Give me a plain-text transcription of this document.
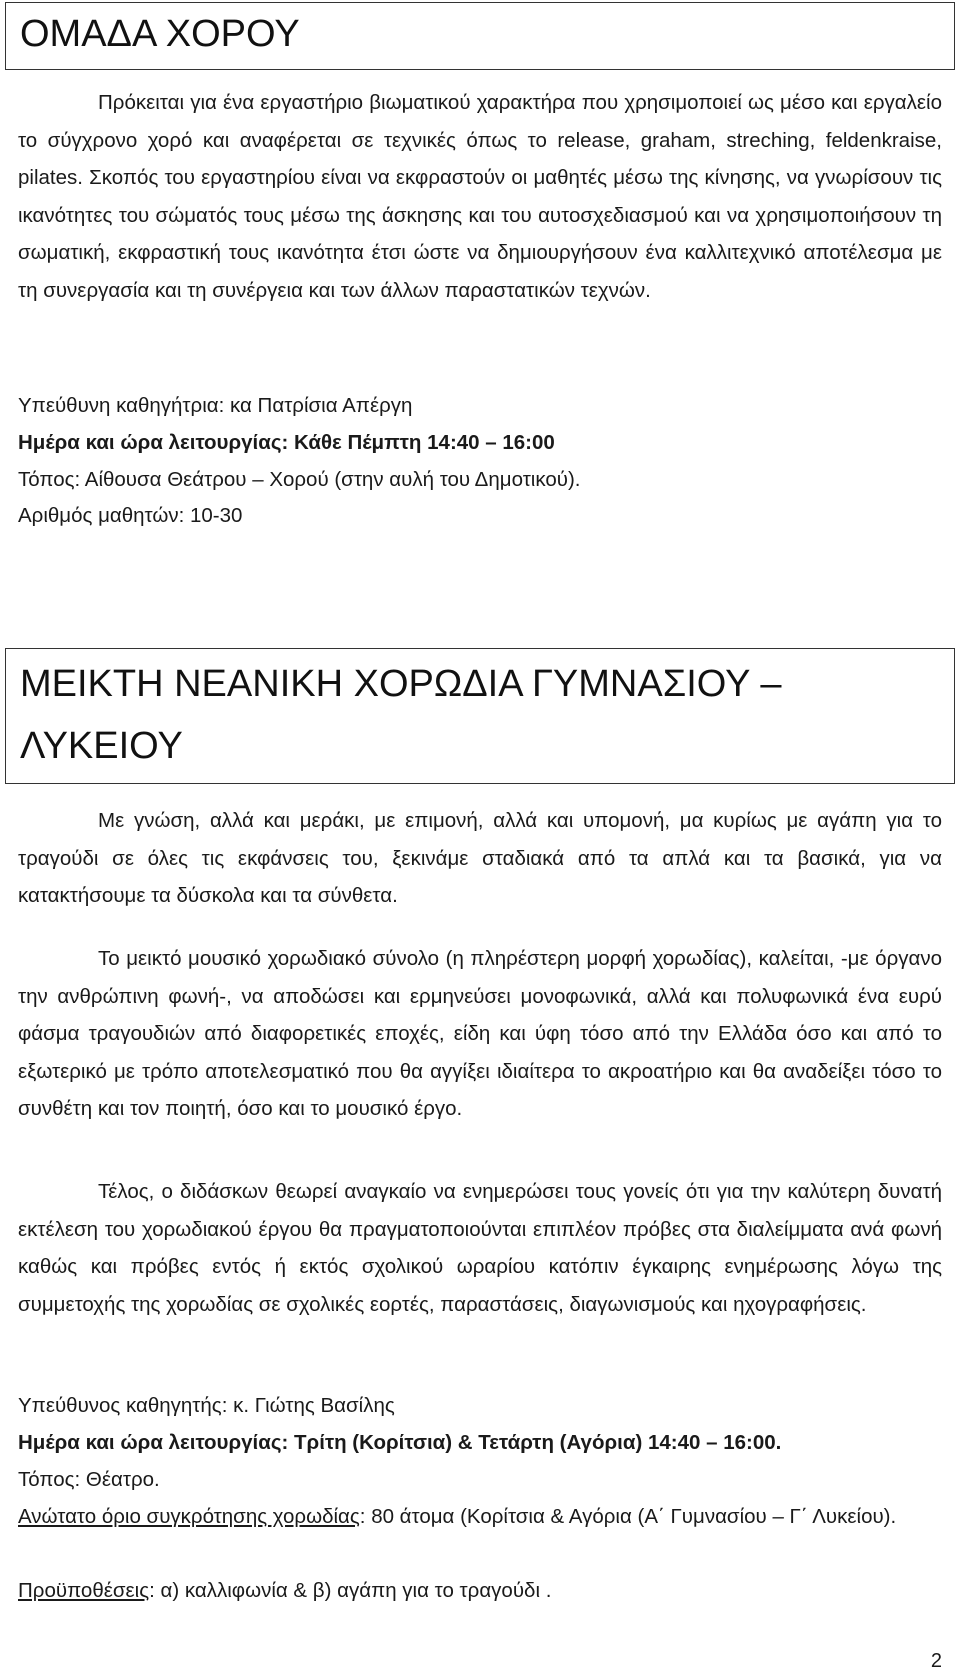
ΟΜΑΔΑ ΧΟΡΟΥ

Πρόκειται για ένα εργαστήριο βιωματικού χαρακτήρα που χρησιμοποιεί ως μέσο και εργαλείο το σύγχρονο χορό και αναφέρεται σε τεχνικές όπως το release, graham, streching, feldenkraise, pilates. Σκοπός του εργαστηρίου είναι να εκφραστούν οι μαθητές μέσω της κίνησης, να γνωρίσουν τις ικανότητες του σώματός τους μέσω της άσκησης και του αυτοσχεδιασμού και να χρησιμοποιήσουν τη σωματική, εκφραστική τους ικανότητα έτσι ώστε να δημιουργήσουν ένα καλλιτεχνικό αποτέλεσμα με τη συνεργασία και τη συνέργεια και των άλλων παραστατικών τεχνών.

Υπεύθυνη καθηγήτρια: κα Πατρίσια Απέργη

Ημέρα και ώρα λειτουργίας: Κάθε Πέμπτη 14:40 – 16:00

Τόπος: Αίθουσα Θεάτρου – Χορού (στην αυλή του Δημοτικού).

Αριθμός μαθητών: 10-30

ΜΕΙΚΤΗ ΝΕΑΝΙΚΗ ΧΟΡΩΔΙΑ ΓΥΜΝΑΣΙΟΥ –
ΛΥΚΕΙΟΥ

Με γνώση, αλλά και μεράκι, με επιμονή, αλλά και υπομονή, μα κυρίως με αγάπη για το τραγούδι σε όλες τις εκφάνσεις του, ξεκινάμε σταδιακά από τα απλά και τα βασικά, για να κατακτήσουμε τα δύσκολα και τα σύνθετα.

Το μεικτό μουσικό χορωδιακό σύνολο (η πληρέστερη μορφή χορωδίας), καλείται, -με όργανο την ανθρώπινη φωνή-, να αποδώσει και ερμηνεύσει μονοφωνικά, αλλά και πολυφωνικά ένα ευρύ φάσμα τραγουδιών από διαφορετικές εποχές, είδη και ύφη τόσο από την Ελλάδα όσο και από το εξωτερικό με τρόπο αποτελεσματικό που θα αγγίξει ιδιαίτερα το ακροατήριο και θα αναδείξει τόσο το συνθέτη και τον ποιητή, όσο και το μουσικό έργο.

Τέλος, ο διδάσκων θεωρεί αναγκαίο να ενημερώσει τους γονείς ότι για την καλύτερη δυνατή εκτέλεση του χορωδιακού έργου θα πραγματοποιούνται επιπλέον πρόβες στα διαλείμματα ανά φωνή καθώς και πρόβες εντός ή εκτός σχολικού ωραρίου κατόπιν έγκαιρης ενημέρωσης λόγω της συμμετοχής της χορωδίας σε σχολικές εορτές, παραστάσεις, διαγωνισμούς και ηχογραφήσεις.

Υπεύθυνος καθηγητής: κ. Γιώτης Βασίλης

Ημέρα και ώρα λειτουργίας: Τρίτη (Κορίτσια) & Τετάρτη (Αγόρια) 14:40 – 16:00.

Τόπος: Θέατρο.

Ανώτατο όριο συγκρότησης χορωδίας: 80 άτομα (Κορίτσια & Αγόρια (Α΄ Γυμνασίου – Γ΄ Λυκείου).

Προϋποθέσεις: α) καλλιφωνία & β) αγάπη για το τραγούδι .

2
